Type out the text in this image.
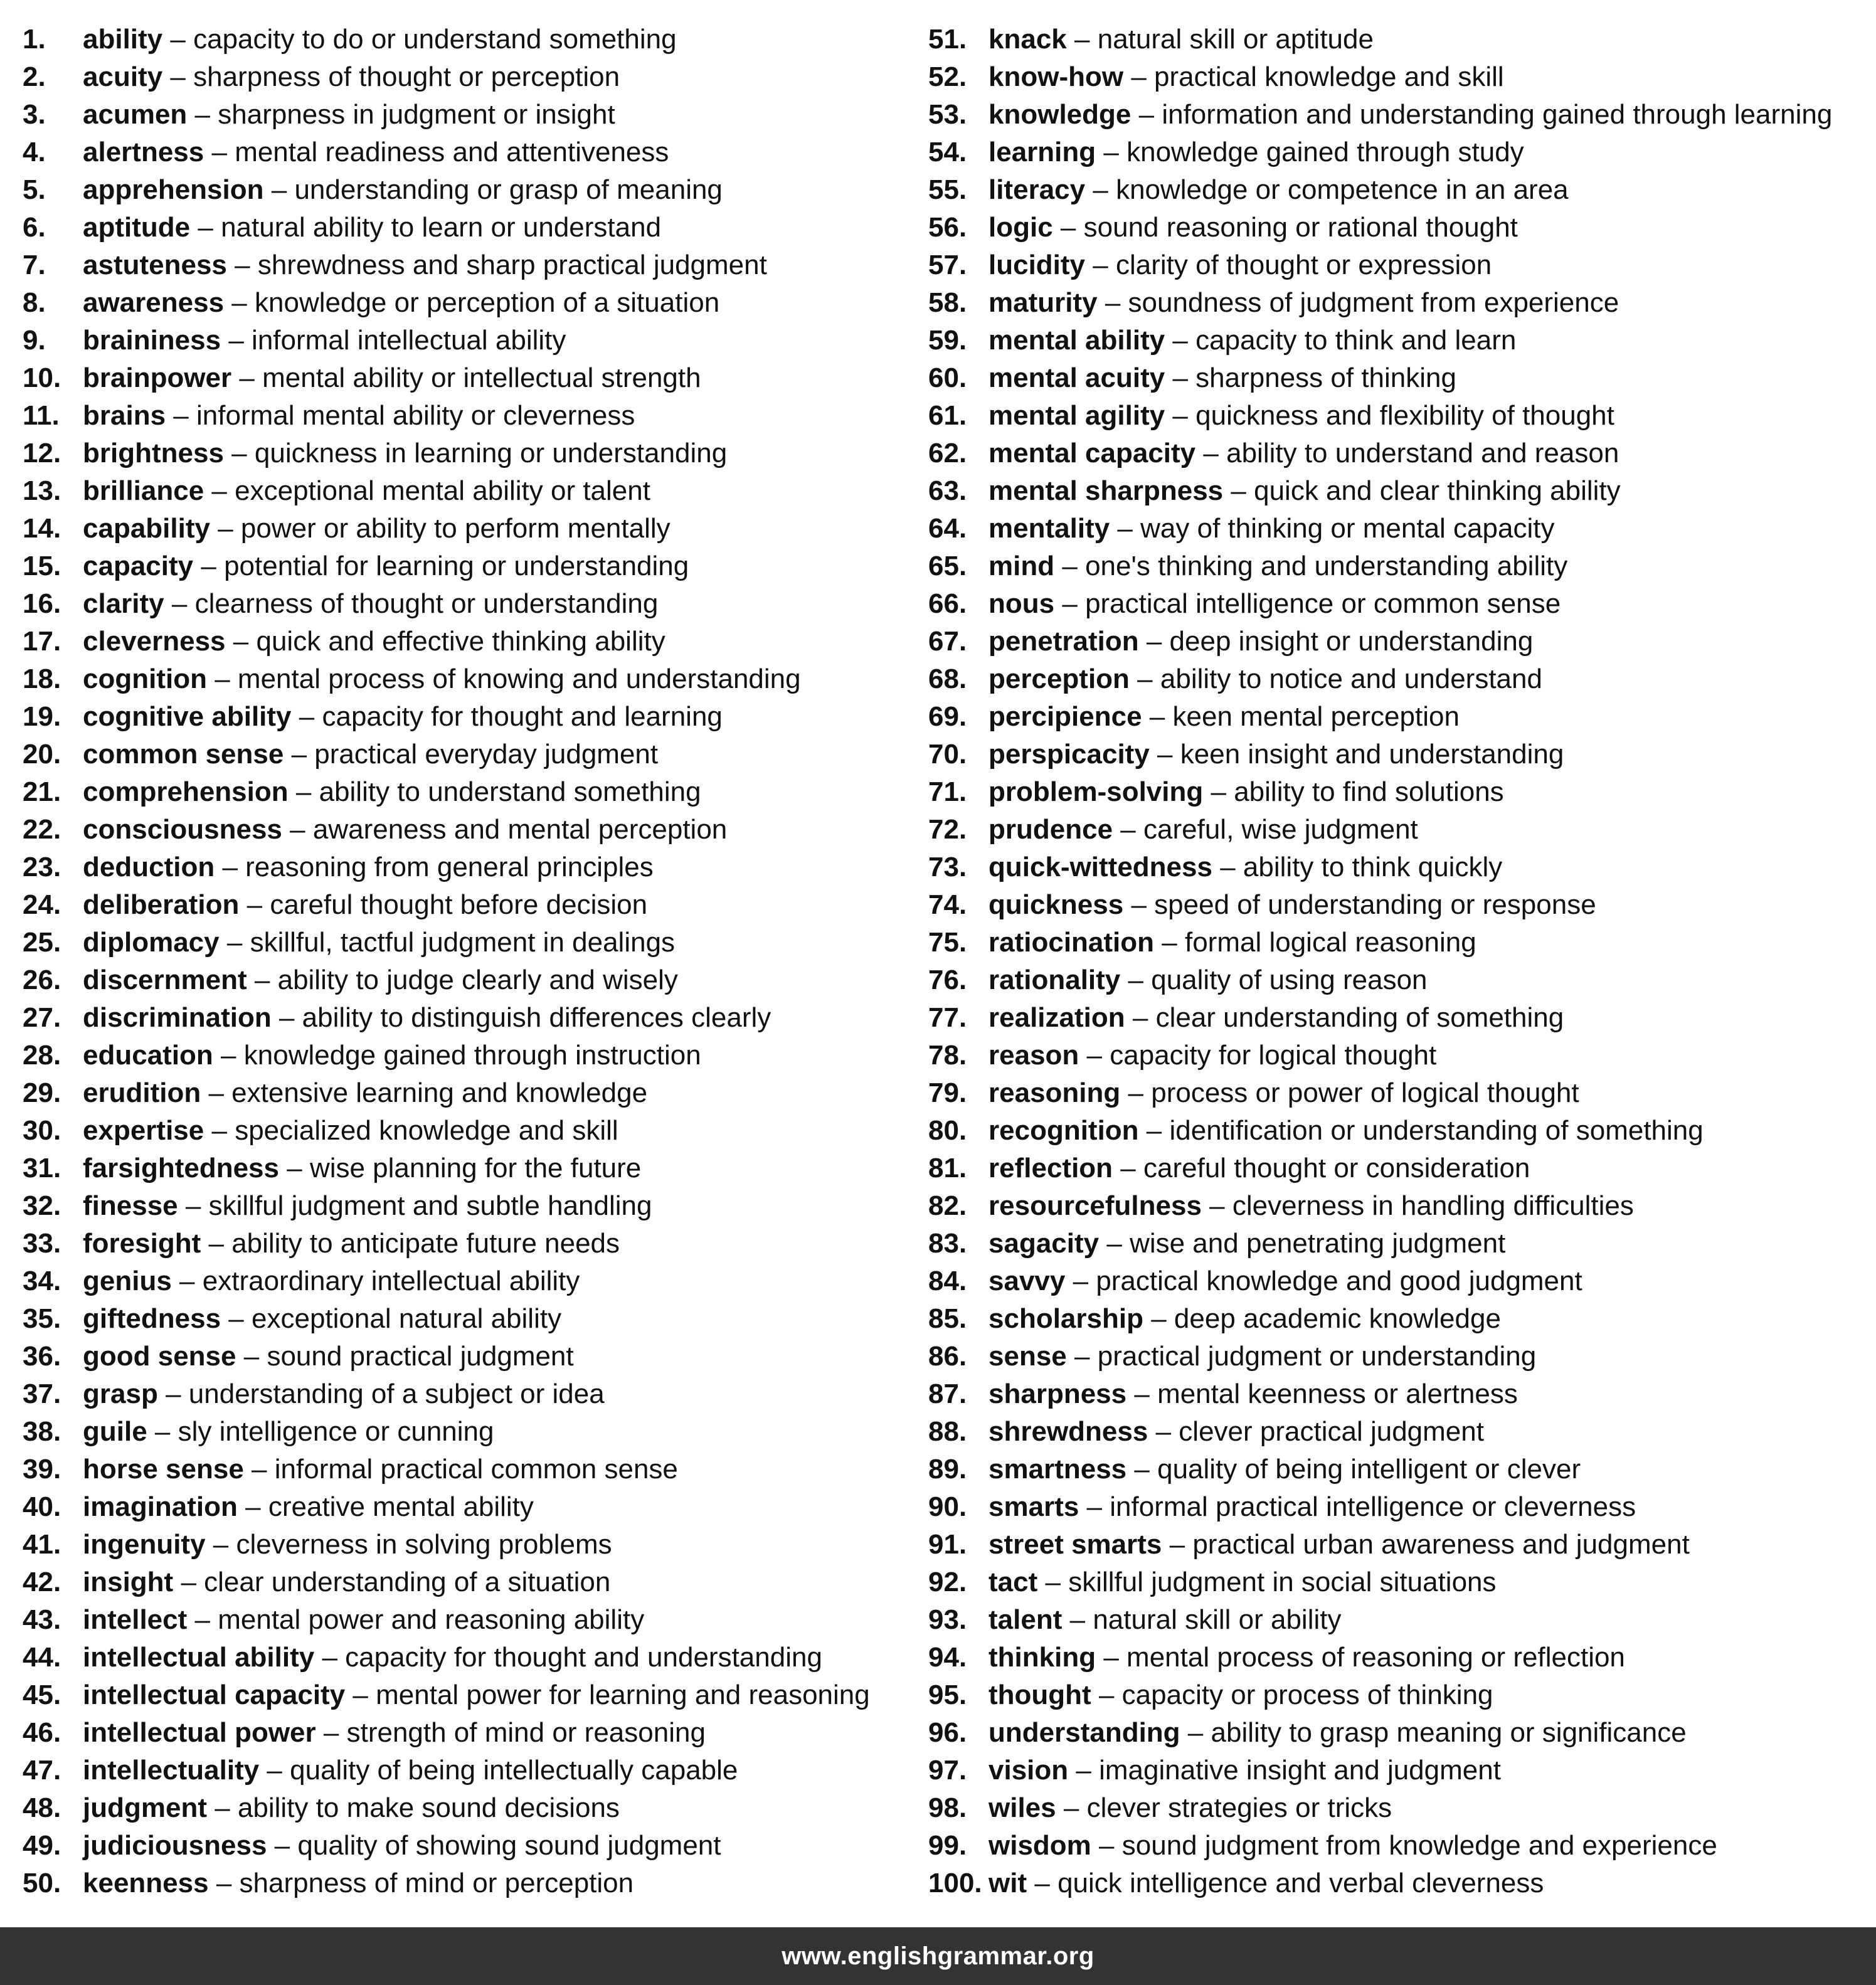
1. ability – capacity to do or understand something
2. acuity – sharpness of thought or perception
3. acumen – sharpness in judgment or insight
4. alertness – mental readiness and attentiveness
5. apprehension – understanding or grasp of meaning
6. aptitude – natural ability to learn or understand
7. astuteness – shrewdness and sharp practical judgment
8. awareness – knowledge or perception of a situation
9. braininess – informal intellectual ability
10. brainpower – mental ability or intellectual strength
11. brains – informal mental ability or cleverness
12. brightness – quickness in learning or understanding
13. brilliance – exceptional mental ability or talent
14. capability – power or ability to perform mentally
15. capacity – potential for learning or understanding
16. clarity – clearness of thought or understanding
17. cleverness – quick and effective thinking ability
18. cognition – mental process of knowing and understanding
19. cognitive ability – capacity for thought and learning
20. common sense – practical everyday judgment
21. comprehension – ability to understand something
22. consciousness – awareness and mental perception
23. deduction – reasoning from general principles
24. deliberation – careful thought before decision
25. diplomacy – skillful, tactful judgment in dealings
26. discernment – ability to judge clearly and wisely
27. discrimination – ability to distinguish differences clearly
28. education – knowledge gained through instruction
29. erudition – extensive learning and knowledge
30. expertise – specialized knowledge and skill
31. farsightedness – wise planning for the future
32. finesse – skillful judgment and subtle handling
33. foresight – ability to anticipate future needs
34. genius – extraordinary intellectual ability
35. giftedness – exceptional natural ability
36. good sense – sound practical judgment
37. grasp – understanding of a subject or idea
38. guile – sly intelligence or cunning
39. horse sense – informal practical common sense
40. imagination – creative mental ability
41. ingenuity – cleverness in solving problems
42. insight – clear understanding of a situation
43. intellect – mental power and reasoning ability
44. intellectual ability – capacity for thought and understanding
45. intellectual capacity – mental power for learning and reasoning
46. intellectual power – strength of mind or reasoning
47. intellectuality – quality of being intellectually capable
48. judgment – ability to make sound decisions
49. judiciousness – quality of showing sound judgment
50. keenness – sharpness of mind or perception
51. knack – natural skill or aptitude
52. know-how – practical knowledge and skill
53. knowledge – information and understanding gained through learning
54. learning – knowledge gained through study
55. literacy – knowledge or competence in an area
56. logic – sound reasoning or rational thought
57. lucidity – clarity of thought or expression
58. maturity – soundness of judgment from experience
59. mental ability – capacity to think and learn
60. mental acuity – sharpness of thinking
61. mental agility – quickness and flexibility of thought
62. mental capacity – ability to understand and reason
63. mental sharpness – quick and clear thinking ability
64. mentality – way of thinking or mental capacity
65. mind – one's thinking and understanding ability
66. nous – practical intelligence or common sense
67. penetration – deep insight or understanding
68. perception – ability to notice and understand
69. percipience – keen mental perception
70. perspicacity – keen insight and understanding
71. problem-solving – ability to find solutions
72. prudence – careful, wise judgment
73. quick-wittedness – ability to think quickly
74. quickness – speed of understanding or response
75. ratiocination – formal logical reasoning
76. rationality – quality of using reason
77. realization – clear understanding of something
78. reason – capacity for logical thought
79. reasoning – process or power of logical thought
80. recognition – identification or understanding of something
81. reflection – careful thought or consideration
82. resourcefulness – cleverness in handling difficulties
83. sagacity – wise and penetrating judgment
84. savvy – practical knowledge and good judgment
85. scholarship – deep academic knowledge
86. sense – practical judgment or understanding
87. sharpness – mental keenness or alertness
88. shrewdness – clever practical judgment
89. smartness – quality of being intelligent or clever
90. smarts – informal practical intelligence or cleverness
91. street smarts – practical urban awareness and judgment
92. tact – skillful judgment in social situations
93. talent – natural skill or ability
94. thinking – mental process of reasoning or reflection
95. thought – capacity or process of thinking
96. understanding – ability to grasp meaning or significance
97. vision – imaginative insight and judgment
98. wiles – clever strategies or tricks
99. wisdom – sound judgment from knowledge and experience
100. wit – quick intelligence and verbal cleverness
www.englishgrammar.org
